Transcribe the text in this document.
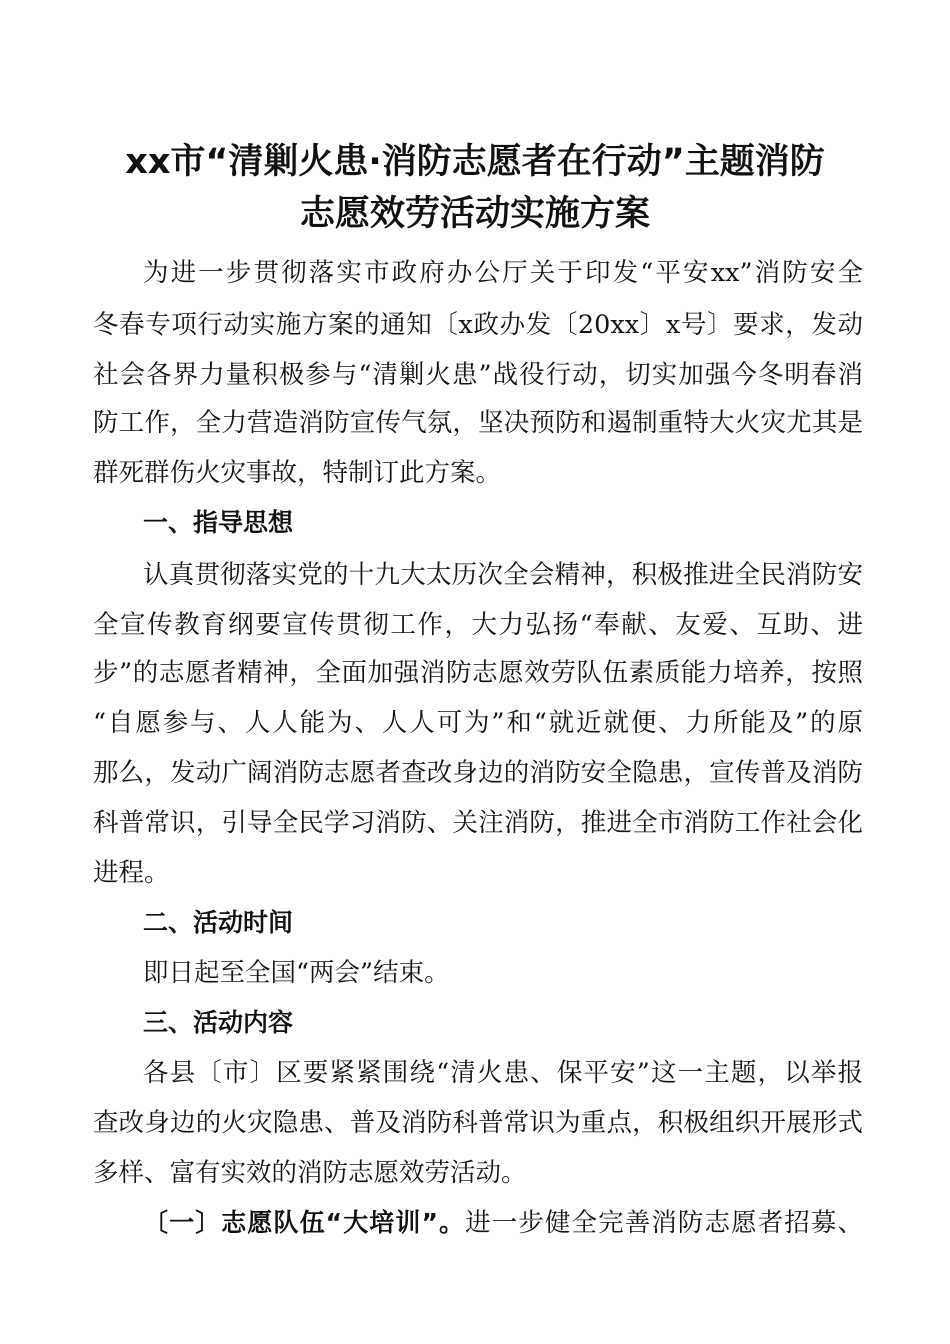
xx市“清剿火患·消防志愿者在行动”主题消防
志愿效劳活动实施方案
为进一步贯彻落实市政府办公厅关于印发“平安xx”消防安全
冬春专项行动实施方案的通知〔x政办发〔20xx〕x号〕要求，发动
社会各界力量积极参与“清剿火患”战役行动，切实加强今冬明春消
防工作，全力营造消防宣传气氛，坚决预防和遏制重特大火灾尤其是
群死群伤火灾事故，特制订此方案。
一、指导思想
认真贯彻落实党的十九大太历次全会精神，积极推进全民消防安
全宣传教育纲要宣传贯彻工作，大力弘扬“奉献、友爱、互助、进
步”的志愿者精神，全面加强消防志愿效劳队伍素质能力培养，按照
“自愿参与、人人能为、人人可为”和“就近就便、力所能及”的原
那么，发动广阔消防志愿者查改身边的消防安全隐患，宣传普及消防
科普常识，引导全民学习消防、关注消防，推进全市消防工作社会化
进程。
二、活动时间
即日起至全国“两会”结束。
三、活动内容
各县〔市〕区要紧紧围绕“清火患、保平安”这一主题，以举报
查改身边的火灾隐患、普及消防科普常识为重点，积极组织开展形式
多样、富有实效的消防志愿效劳活动。
〔一〕志愿队伍“大培训”。进一步健全完善消防志愿者招募、
